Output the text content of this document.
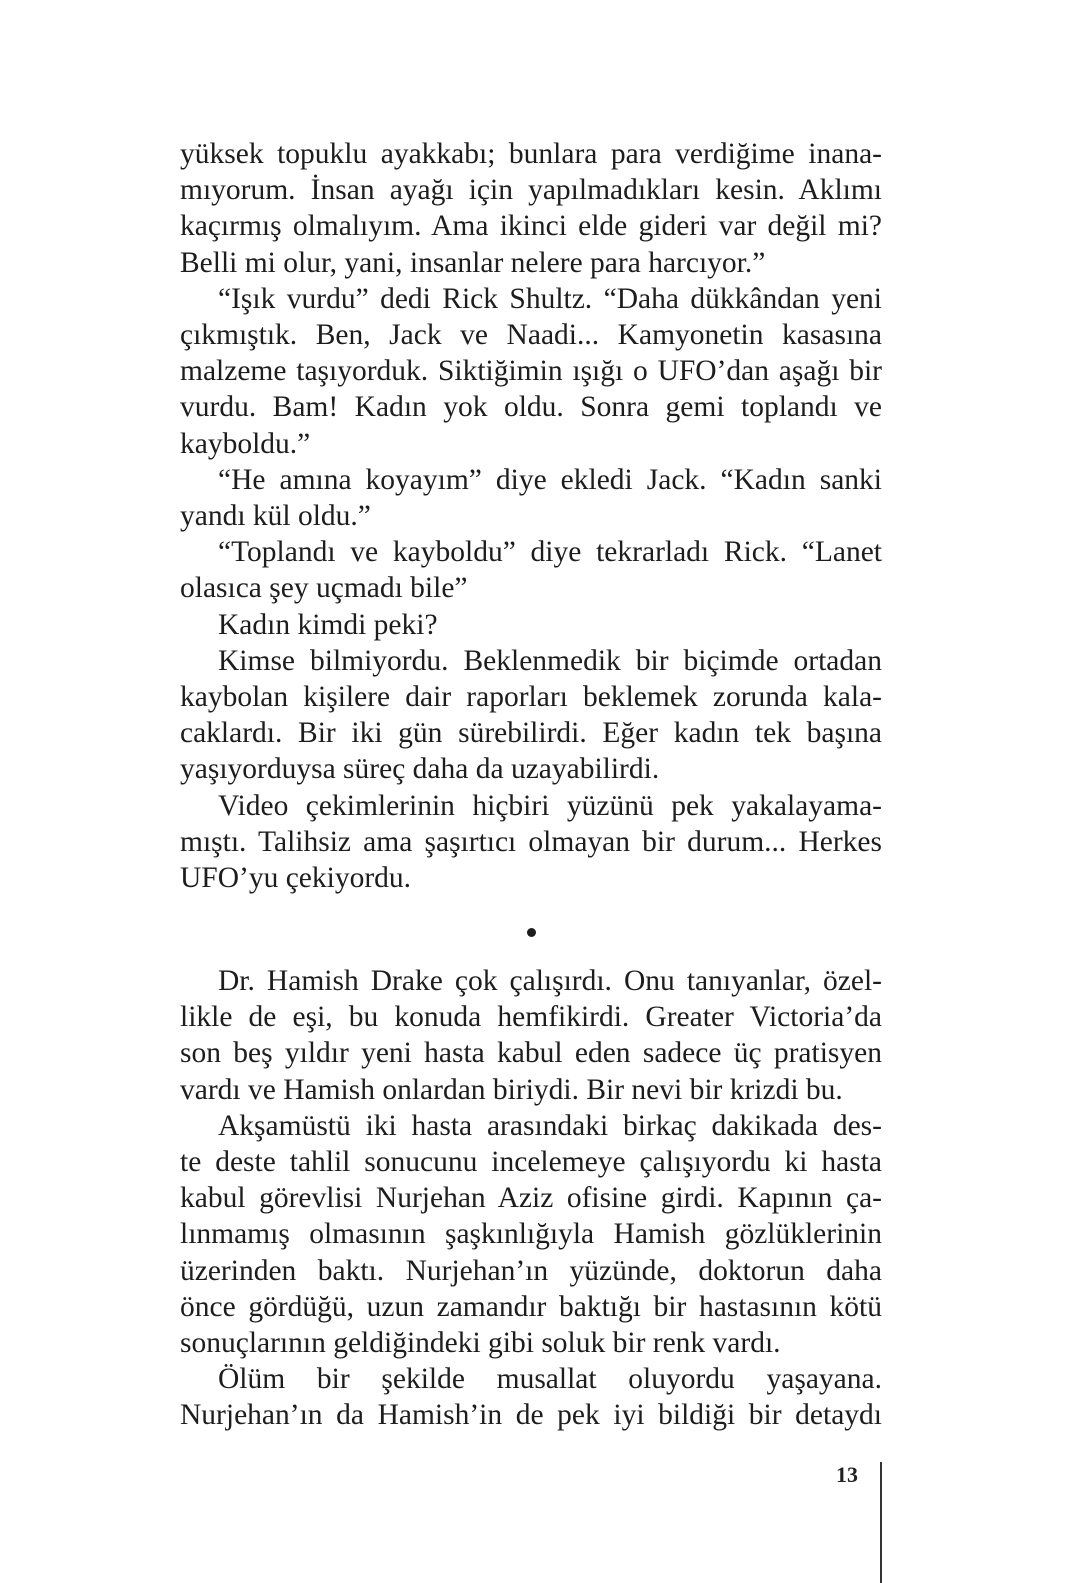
yüksek topuklu ayakkabı; bunlara para verdiğime inana-
mıyorum. İnsan ayağı için yapılmadıkları kesin. Aklımı
kaçırmış olmalıyım. Ama ikinci elde gideri var değil mi?
Belli mi olur, yani, insanlar nelere para harcıyor.”
“Işık vurdu” dedi Rick Shultz. “Daha dükkândan yeni
çıkmıştık. Ben, Jack ve Naadi... Kamyonetin kasasına
malzeme taşıyorduk. Siktiğimin ışığı o UFO’dan aşağı bir
vurdu. Bam! Kadın yok oldu. Sonra gemi toplandı ve
kayboldu.”
“He amına koyayım” diye ekledi Jack. “Kadın sanki
yandı kül oldu.”
“Toplandı ve kayboldu” diye tekrarladı Rick. “Lanet
olasıca şey uçmadı bile”
Kadın kimdi peki?
Kimse bilmiyordu. Beklenmedik bir biçimde ortadan
kaybolan kişilere dair raporları beklemek zorunda kala-
caklardı. Bir iki gün sürebilirdi. Eğer kadın tek başına
yaşıyorduysa süreç daha da uzayabilirdi.
Video çekimlerinin hiçbiri yüzünü pek yakalayama-
mıştı. Talihsiz ama şaşırtıcı olmayan bir durum... Herkes
UFO’yu çekiyordu.
Dr. Hamish Drake çok çalışırdı. Onu tanıyanlar, özel-
likle de eşi, bu konuda hemfikirdi. Greater Victoria’da
son beş yıldır yeni hasta kabul eden sadece üç pratisyen
vardı ve Hamish onlardan biriydi. Bir nevi bir krizdi bu.
Akşamüstü iki hasta arasındaki birkaç dakikada des-
te deste tahlil sonucunu incelemeye çalışıyordu ki hasta
kabul görevlisi Nurjehan Aziz ofisine girdi. Kapının ça-
lınmamış olmasının şaşkınlığıyla Hamish gözlüklerinin
üzerinden baktı. Nurjehan’ın yüzünde, doktorun daha
önce gördüğü, uzun zamandır baktığı bir hastasının kötü
sonuçlarının geldiğindeki gibi soluk bir renk vardı.
Ölüm bir şekilde musallat oluyordu yaşayana.
Nurjehan’ın da Hamish’in de pek iyi bildiği bir detaydı
13
